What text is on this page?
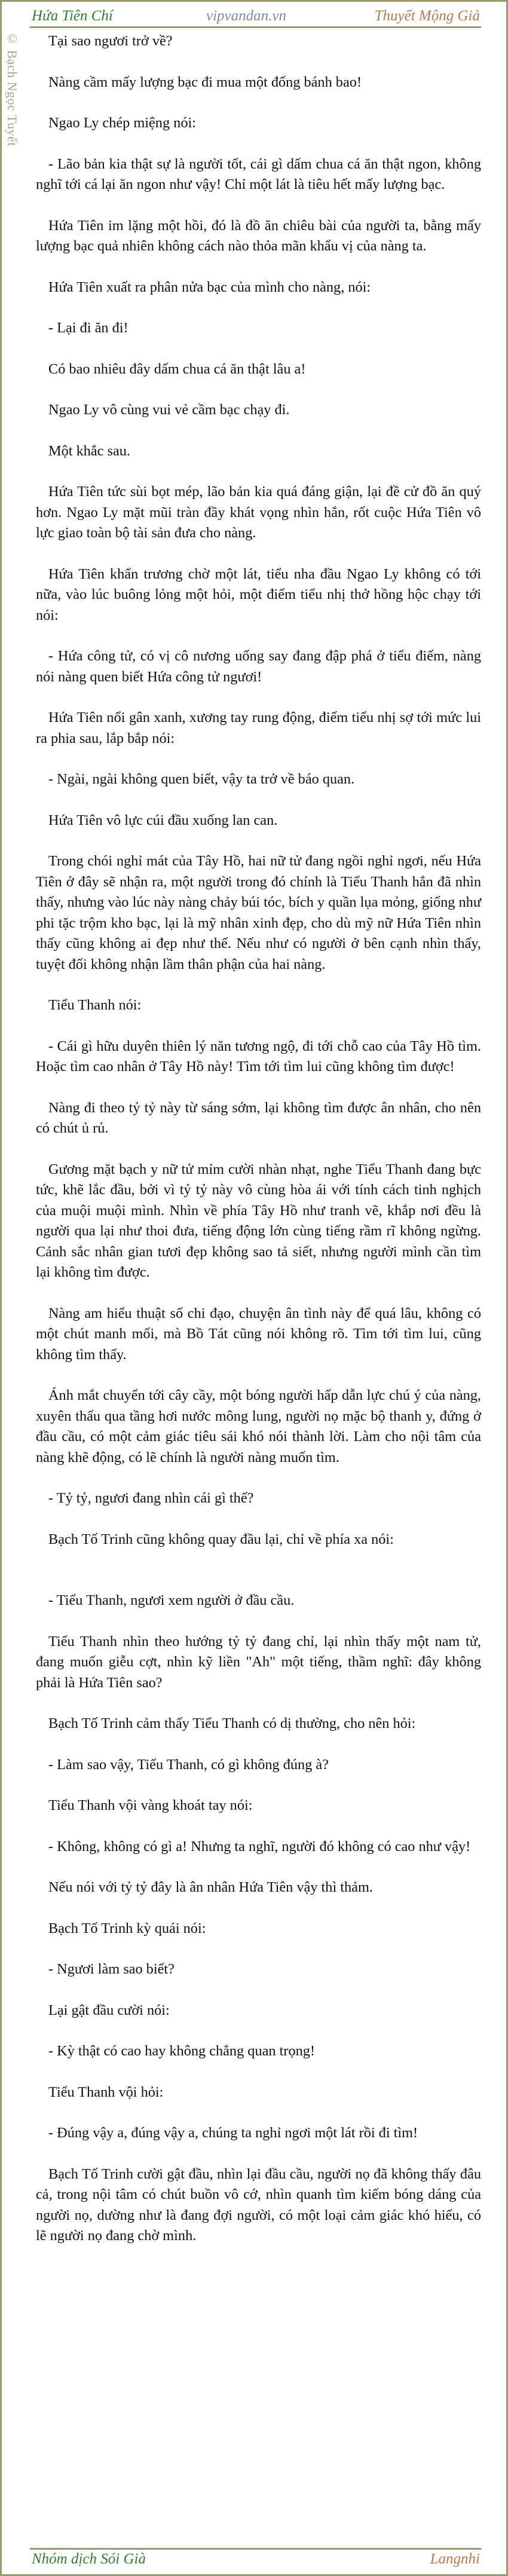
Hứa Tiên Chí	vipvandan.vn	Thuyết Mộng Giả
© Bạch Ngọc Tuyết	Tại sao ngươi trở về?

Nàng cầm mấy lượng bạc đi mua một đống bánh bao!

Ngao Ly chép miệng nói:

- Lão bản kia thật sự là người tốt, cái gì dấm chua cá ăn thật ngon, không nghĩ tới cá lại ăn ngon như vậy! Chỉ một lát là tiêu hết mấy lượng bạc.

Hứa Tiên im lặng một hồi, đó là đồ ăn chiêu bài của người ta, bằng mấy lượng bạc quả nhiên không cách nào thỏa mãn khẩu vị của nàng ta.

Hứa Tiên xuất ra phân nửa bạc của mình cho nàng, nói:

- Lại đi ăn đi!

Có bao nhiêu đây dấm chua cá ăn thật lâu a!

Ngao Ly vô cùng vui vẻ cầm bạc chạy đi.

Một khắc sau.

Hứa Tiên tức sùi bọt mép, lão bản kia quá đáng giận, lại đề cử đồ ăn quý hơn. Ngao Ly mặt mũi tràn đầy khát vọng nhìn hắn, rốt cuộc Hứa Tiên vô lực giao toàn bộ tài sản đưa cho nàng.

Hứa Tiên khẩn trương chờ một lát, tiểu nha đầu Ngao Ly không có tới nữa, vào lúc buông lỏng một hỏi, một điếm tiểu nhị thở hồng hộc chạy tới nói:

- Hứa công tử, có vị cô nương uống say đang đập phá ở tiểu điếm, nàng nói nàng quen biết Hứa công tử ngươi!

Hứa Tiên nổi gân xanh, xương tay rung động, điếm tiểu nhị sợ tới mức lui ra phia sau, lắp bắp nói:

- Ngài, ngài không quen biết, vậy ta trở về báo quan.

Hứa Tiên vô lực cúi đầu xuống lan can.

Trong chói nghỉ mát của Tây Hồ, hai nữ tử đang ngồi nghỉ ngơi, nếu Hứa Tiên ở đây sẽ nhận ra, một người trong đó chính là Tiểu Thanh hắn đã nhìn thấy, nhưng vào lúc này nàng chảy búi tóc, bích y quần lụa mỏng, giống như phi tặc trộm kho bạc, lại là mỹ nhân xinh đẹp, cho dù mỹ nữ Hứa Tiên nhìn thấy cũng không ai đẹp như thế. Nếu như có người ở bên cạnh nhìn thấy, tuyệt đối không nhận lầm thân phận của hai nàng.

Tiểu Thanh nói:

- Cái gì hữu duyên thiên lý năn tương ngộ, đi tới chỗ cao của Tây Hồ tìm. Hoặc tìm cao nhân ở Tây Hồ này! Tìm tới tìm lui cũng không tìm được!

Nàng đi theo tỷ tỷ này từ sáng sớm, lại không tìm được ân nhân, cho nên có chút ủ rủ.

Gương mặt bạch y nữ tử mỉm cười nhàn nhạt, nghe Tiểu Thanh đang bực tức, khẽ lắc đầu, bởi vì tỷ tỷ này vô cùng hòa ái với tính cách tinh nghịch của muội muội mình. Nhìn về phía Tây Hồ như tranh vẽ, khắp nơi đều là người qua lại như thoi đưa, tiếng động lớn cùng tiếng rầm rĩ không ngừng. Cảnh sắc nhân gian tươi đẹp không sao tả siết, nhưng người mình cần tìm lại không tìm được.

Nàng am hiểu thuật số chi đạo, chuyện ân tình này để quá lâu, không có một chút manh mối, mà Bồ Tát cũng nói không rõ. Tìm tới tìm lui, cũng không tìm thấy.

Ánh mắt chuyển tới cây cầy, một bóng người hấp dẫn lực chú ý của nàng, xuyên thấu qua tầng hơi nước mông lung, người nọ mặc bộ thanh y, đứng ở đầu cầu, có một cảm giác tiêu sái khó nói thành lời. Làm cho nội tâm của nàng khẽ động, có lẽ chính là người nàng muốn tìm.

- Tỷ tỷ, ngươi đang nhìn cái gì thế?

Bạch Tố Trinh cũng không quay đầu lại, chỉ về phía xa nói:

- Tiểu Thanh, ngươi xem người ở đầu cầu.

Tiểu Thanh nhìn theo hướng tỷ tỷ đang chỉ, lại nhìn thấy một nam tử, đang muốn giễu cợt, nhìn kỹ liền "Ah" một tiếng, thầm nghĩ: đây không phải là Hứa Tiên sao?

Bạch Tố Trinh cảm thấy Tiểu Thanh có dị thường, cho nên hỏi:

- Làm sao vậy, Tiểu Thanh, có gì không đúng à?

Tiểu Thanh vội vàng khoát tay nói:

- Không, không có gì a! Nhưng ta nghĩ, người đó không có cao như vậy!

Nếu nói với tỷ tỷ đây là ân nhân Hứa Tiên vậy thì thảm.

Bạch Tố Trinh kỳ quái nói:

- Ngươi làm sao biết?

Lại gật đầu cười nói:

- Kỳ thật có cao hay không chẳng quan trọng!

Tiểu Thanh vội hỏi:

- Đúng vậy a, đúng vậy a, chúng ta nghỉ ngơi một lát rồi đi tìm!

Bạch Tố Trinh cười gật đầu, nhìn lại đầu cầu, người nọ đã không thấy đâu cả, trong nội tâm có chút buồn vô cớ, nhìn quanh tìm kiếm bóng dáng của người nọ, dường như là đang đợi người, có một loại cảm giác khó hiểu, có lẽ người nọ đang chờ mình.

Nhóm dịch Sói Già	Langnhi
